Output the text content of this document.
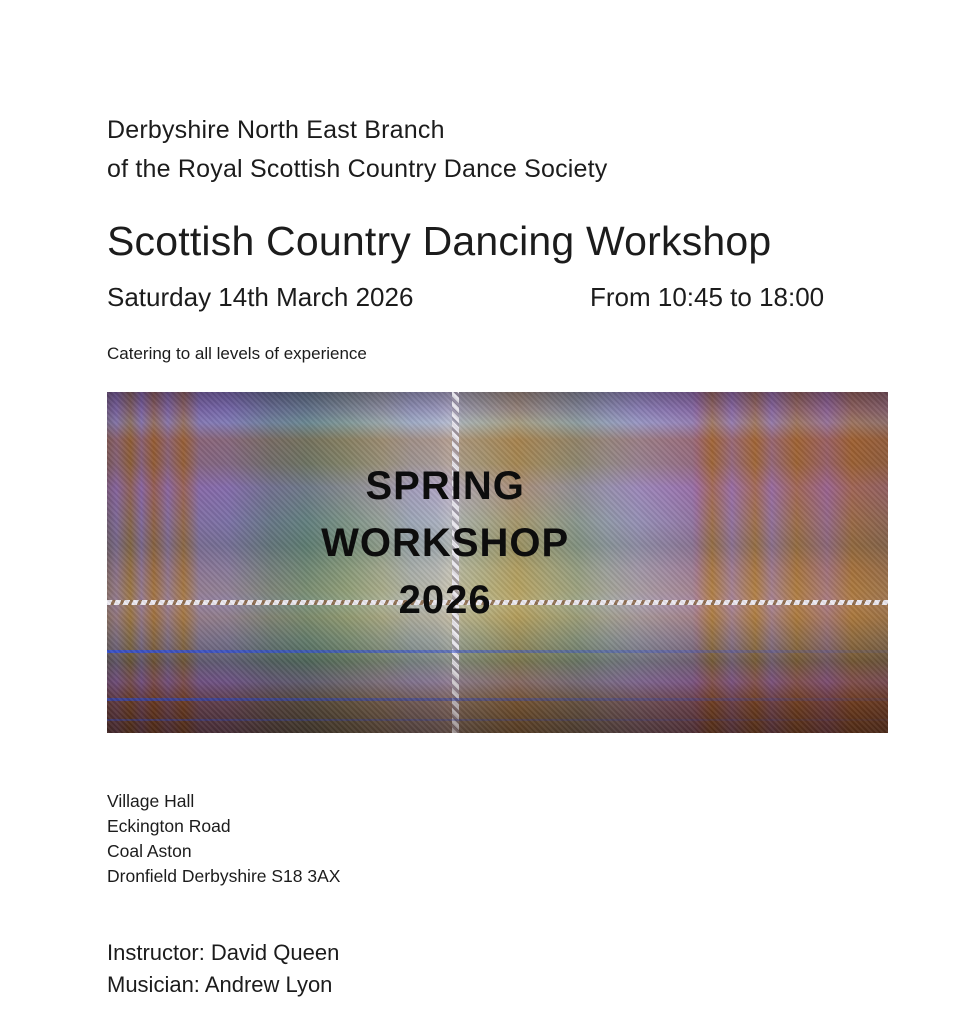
Derbyshire North East Branch
of the Royal Scottish Country Dance Society
Scottish Country Dancing Workshop
Saturday 14th March 2026	From 10:45 to 18:00
Catering to all levels of experience
SPRING
WORKSHOP
2026
Village Hall
Eckington Road
Coal Aston
Dronfield Derbyshire S18 3AX
Instructor: David Queen
Musician: Andrew Lyon
